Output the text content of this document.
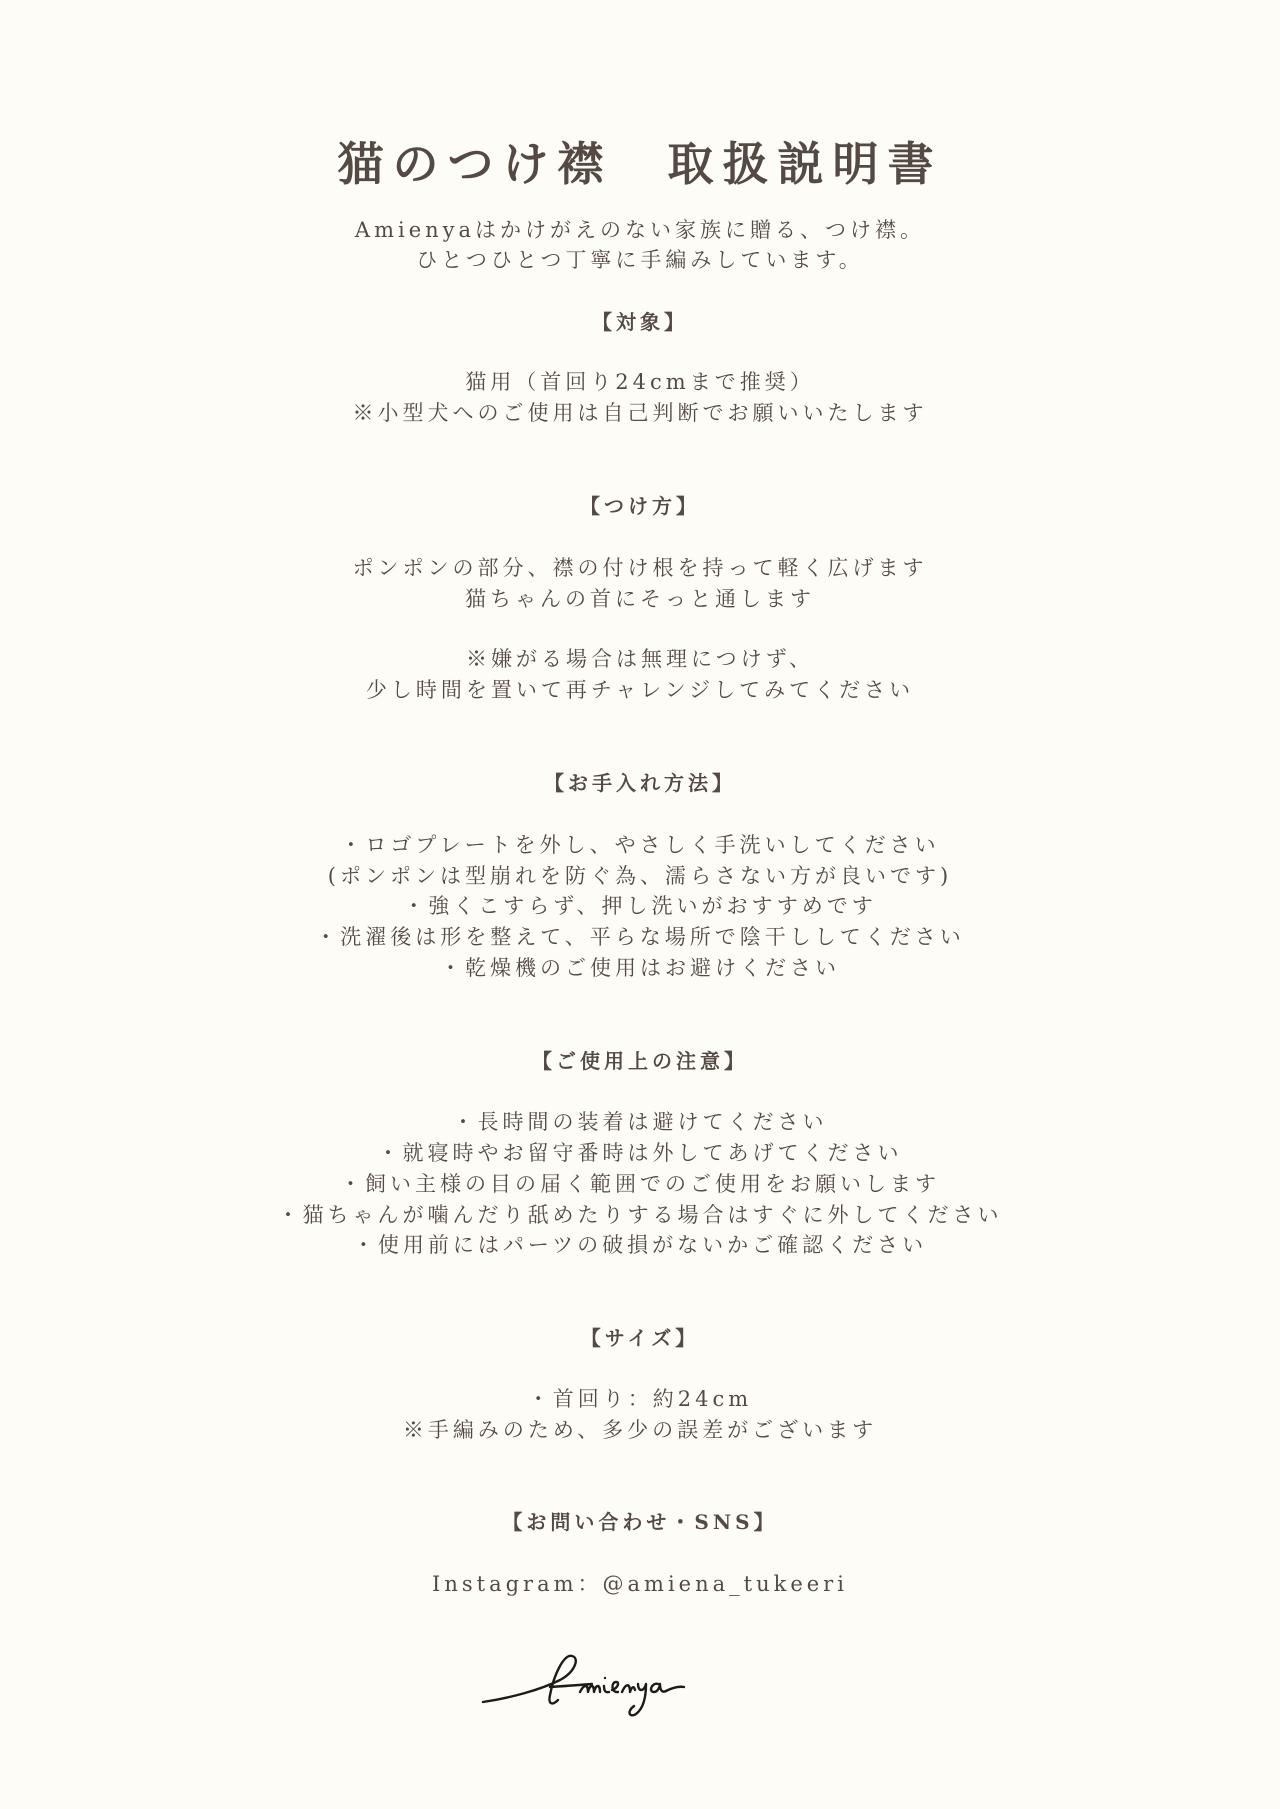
猫のつけ襟　取扱説明書

Amienyaはかけがえのない家族に贈る、つけ襟。

ひとつひとつ丁寧に手編みしています。

【対象】

猫用（首回り24cmまで推奨）

※小型犬へのご使用は自己判断でお願いいたします

【つけ方】

ポンポンの部分、襟の付け根を持って軽く広げます

猫ちゃんの首にそっと通します

※嫌がる場合は無理につけず、

少し時間を置いて再チャレンジしてみてください

【お手入れ方法】

・ロゴプレートを外し、やさしく手洗いしてください

(ポンポンは型崩れを防ぐ為、濡らさない方が良いです)

・強くこすらず、押し洗いがおすすめです

・洗濯後は形を整えて、平らな場所で陰干ししてください

・乾燥機のご使用はお避けください

【ご使用上の注意】

・長時間の装着は避けてください

・就寝時やお留守番時は外してあげてください

・飼い主様の目の届く範囲でのご使用をお願いします

・猫ちゃんが噛んだり舐めたりする場合はすぐに外してください

・使用前にはパーツの破損がないかご確認ください

【サイズ】

・首回り：約24cm

※手編みのため、多少の誤差がございます

【お問い合わせ・SNS】

Instagram：@amiena_tukeeri
